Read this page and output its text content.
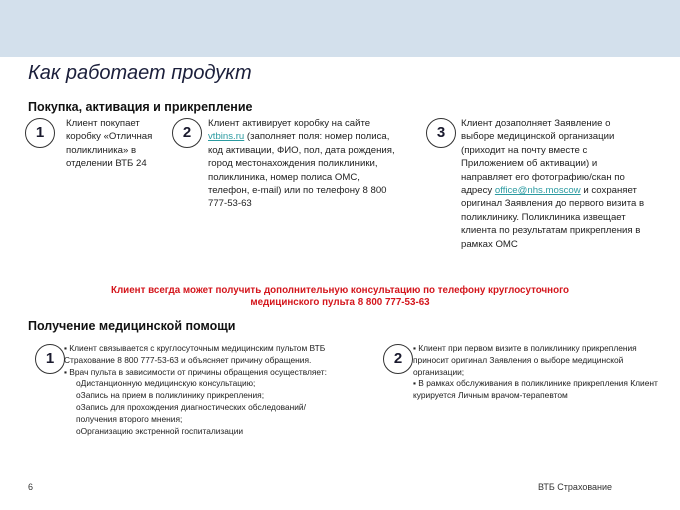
Как работает продукт
Покупка, активация и прикрепление
1
Клиент покупает коробку «Отличная поликлиника» в отделении ВТБ 24
2
Клиент активирует коробку на сайте vtbins.ru (заполняет поля: номер полиса, код активации, ФИО, пол, дата рождения, город местонахождения поликлиники, поликлиника, номер полиса ОМС, телефон, e-mail) или по телефону 8 800 777-53-63
3
Клиент дозаполняет Заявление о выборе медицинской организации (приходит на почту вместе с Приложением об активации) и направляет его фотографию/скан по адресу office@nhs.moscow и сохраняет оригинал Заявления до первого визита в поликлинику. Поликлиника извещает клиента по результатам прикрепления в рамках ОМС
Клиент всегда может получить дополнительную консультацию по телефону круглосуточного медицинского пульта 8 800 777-53-63
Получение медицинской помощи
1
▪ Клиент связывается с круглосуточным медицинским пультом ВТБ Страхование 8 800 777-53-63 и объясняет причину обращения.
▪ Врач пульта в зависимости от причины обращения осуществляет:
оДистанционную медицинскую консультацию;
оЗапись на прием в поликлинику прикрепления;
оЗапись для прохождения диагностических обследований/получения второго мнения;
оОрганизацию экстренной госпитализации
2
▪ Клиент при первом визите в поликлинику прикрепления приносит оригинал Заявления о выборе медицинской организации;
▪ В рамках обслуживания в поликлинике прикрепления Клиент курируется Личным врачом-терапевтом
6	ВТБ Страхование
